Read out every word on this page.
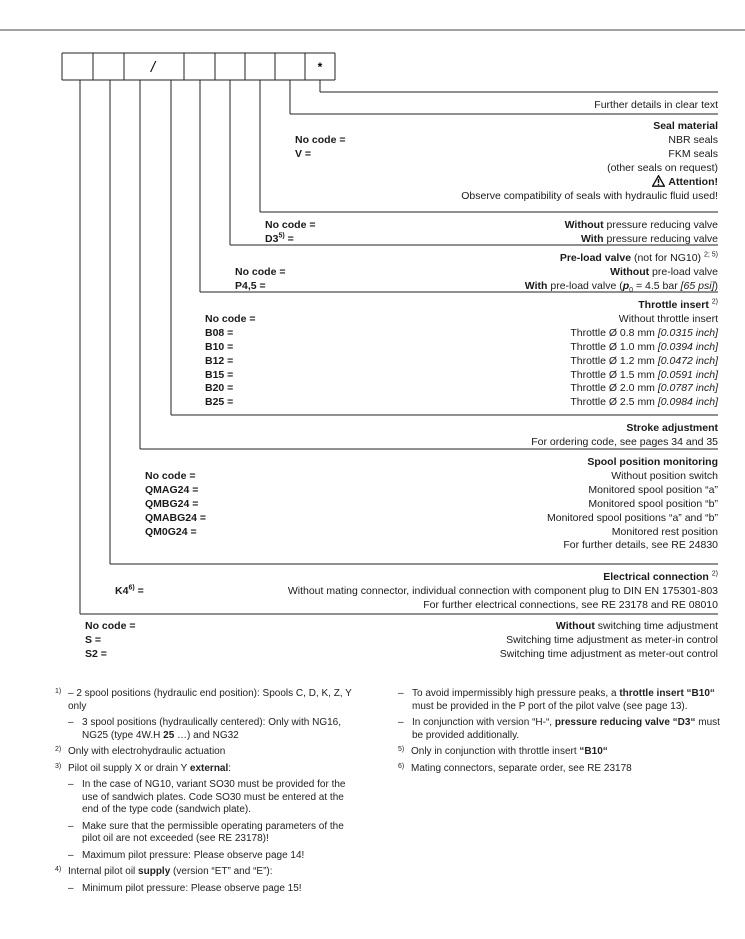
/	*
Further details in clear text
Seal material
No code =	NBR seals
V =	FKM seals
(other seals on request)
Attention!
Observe compatibility of seals with hydraulic fluid used!
No code =	Without pressure reducing valve
$D3^{5)}$ =	With pressure reducing valve
Pre-load valve (not for NG10) $^{2; 5)}$
No code =	Without pre-load valve
P4,5 =	With pre-load valve ($p_0 = 4.5$ bar [65 psi])
Throttle insert $^{2)}$
No code =	Without throttle insert
B08 =	Throttle Ø 0.8 mm [0.0315 inch]
B10 =	Throttle Ø 1.0 mm [0.0394 inch]
B12 =	Throttle Ø 1.2 mm [0.0472 inch]
B15 =	Throttle Ø 1.5 mm [0.0591 inch]
B20 =	Throttle Ø 2.0 mm [0.0787 inch]
B25 =	Throttle Ø 2.5 mm [0.0984 inch]
Stroke adjustment
For ordering code, see pages 34 and 35
Spool position monitoring
No code =	Without position switch
QMAG24 =	Monitored spool position “a”
QMBG24 =	Monitored spool position “b”
QMABG24 =	Monitored spool positions “a” and “b”
QM0G24 =	Monitored rest position
For further details, see RE 24830
Electrical connection $^{2)}$
$K4^{6)}$ =	Without mating connector, individual connection with component plug to DIN EN 175301-803
For further electrical connections, see RE 23178 and RE 08010
No code =	Without switching time adjustment
S =	Switching time adjustment as meter-in control
S2 =	Switching time adjustment as meter-out control
1) – 2 spool positions (hydraulic end position): Spools C, D, K, Z, Y only
– 3 spool positions (hydraulically centered): Only with NG16, NG25 (type 4W.H 25 …) and NG32
2) Only with electrohydraulic actuation
3) Pilot oil supply X or drain Y external:
– In the case of NG10, variant SO30 must be provided for the use of sandwich plates. Code SO30 must be entered at the end of the type code (sandwich plate).
– Make sure that the permissible operating parameters of the pilot oil are not exceeded (see RE 23178)!
– Maximum pilot pressure: Please observe page 14!
4) Internal pilot oil supply (version “ET” and “E”):
– Minimum pilot pressure: Please observe page 15!
– To avoid impermissibly high pressure peaks, a throttle insert “B10“ must be provided in the P port of the pilot valve (see page 13).
– In conjunction with version “H-“, pressure reducing valve “D3“ must be provided additionally.
5) Only in conjunction with throttle insert “B10“
6) Mating connectors, separate order, see RE 23178
